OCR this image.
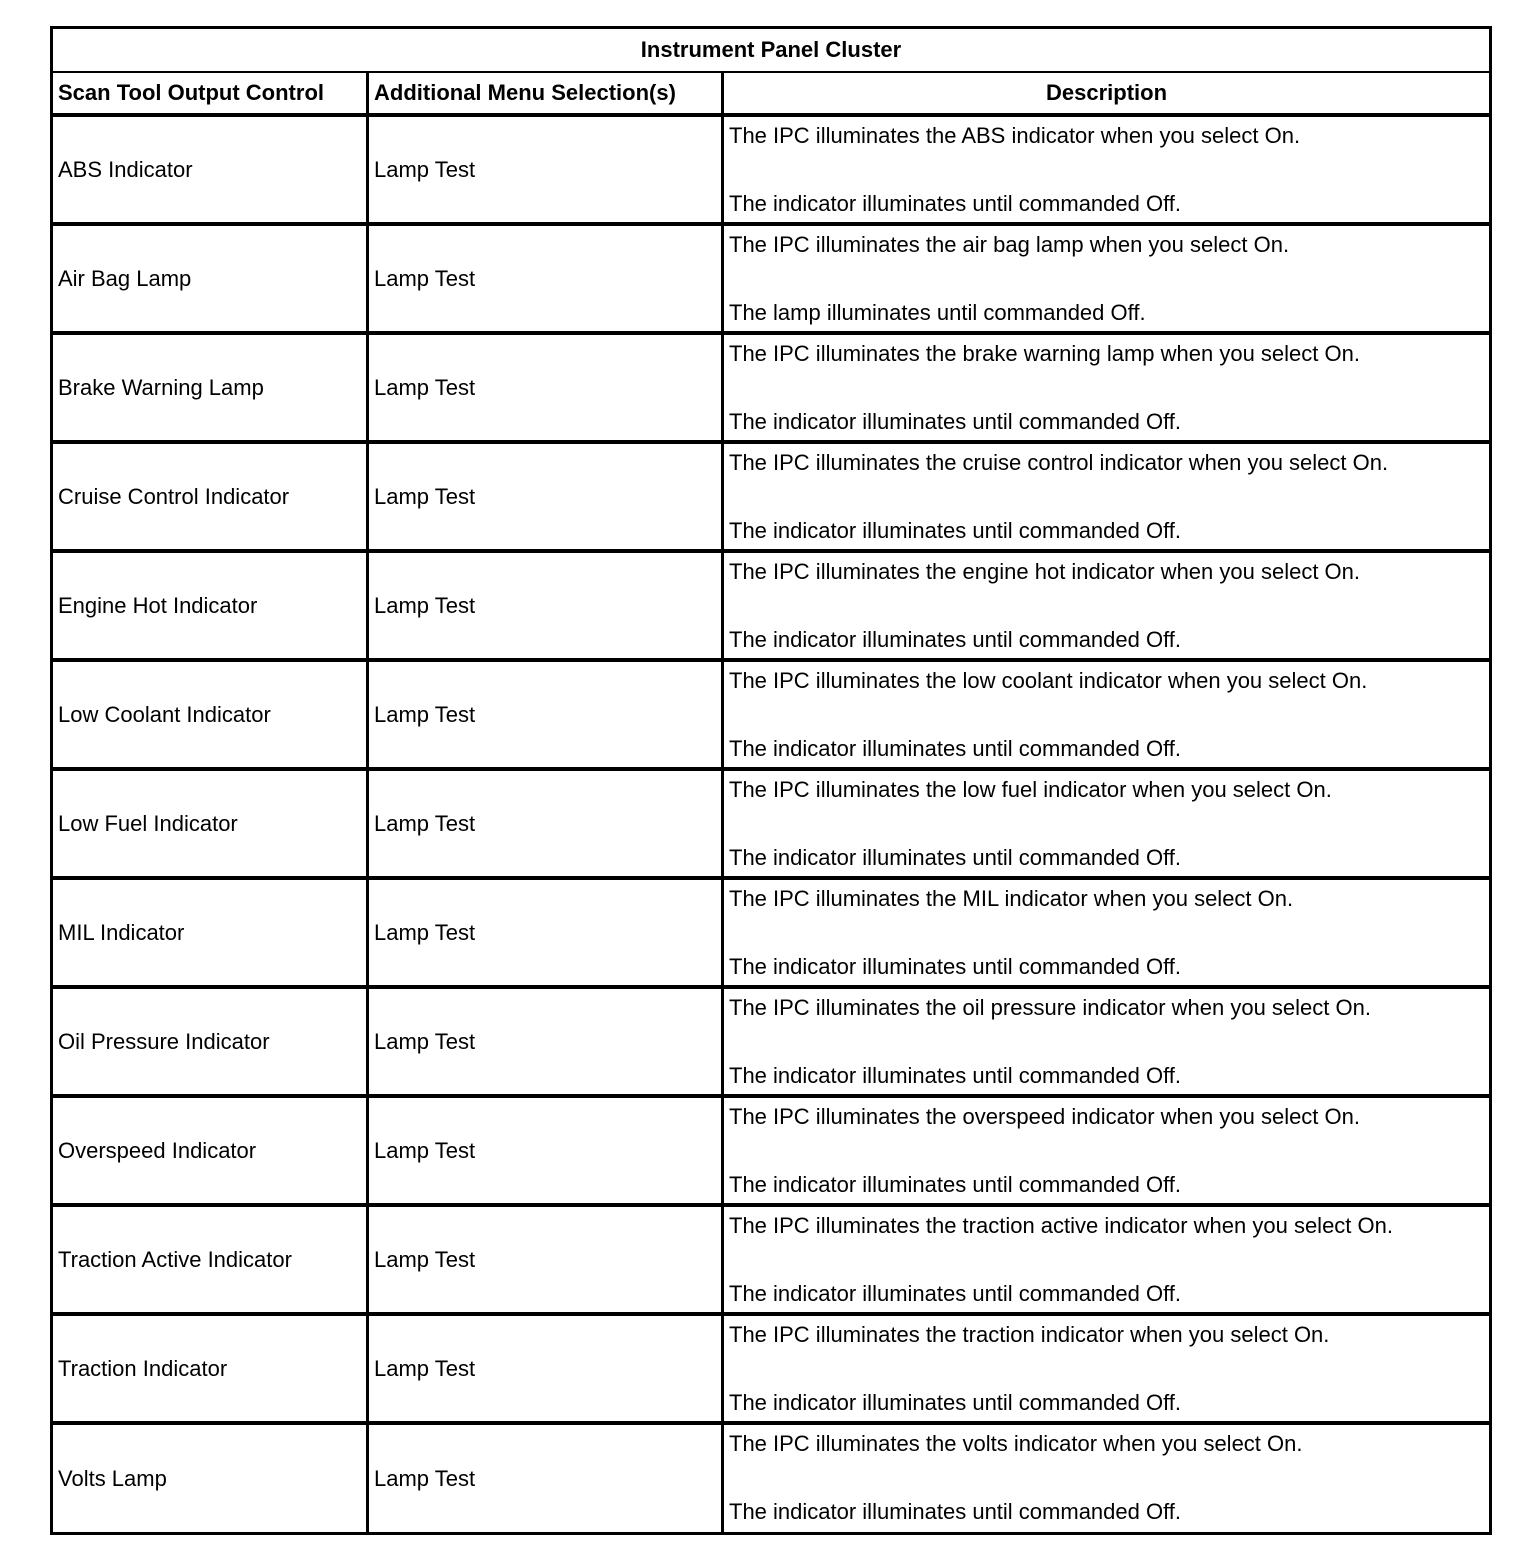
Instrument Panel Cluster
Scan Tool Output Control	Additional Menu Selection(s)	Description
ABS Indicator	Lamp Test
The IPC illuminates the ABS indicator when you select On.
The indicator illuminates until commanded Off.
Air Bag Lamp	Lamp Test
The IPC illuminates the air bag lamp when you select On.
The lamp illuminates until commanded Off.
Brake Warning Lamp	Lamp Test
The IPC illuminates the brake warning lamp when you select On.
The indicator illuminates until commanded Off.
Cruise Control Indicator	Lamp Test
The IPC illuminates the cruise control indicator when you select On.
The indicator illuminates until commanded Off.
Engine Hot Indicator	Lamp Test
The IPC illuminates the engine hot indicator when you select On.
The indicator illuminates until commanded Off.
Low Coolant Indicator	Lamp Test
The IPC illuminates the low coolant indicator when you select On.
The indicator illuminates until commanded Off.
Low Fuel Indicator	Lamp Test
The IPC illuminates the low fuel indicator when you select On.
The indicator illuminates until commanded Off.
MIL Indicator	Lamp Test
The IPC illuminates the MIL indicator when you select On.
The indicator illuminates until commanded Off.
Oil Pressure Indicator	Lamp Test
The IPC illuminates the oil pressure indicator when you select On.
The indicator illuminates until commanded Off.
Overspeed Indicator	Lamp Test
The IPC illuminates the overspeed indicator when you select On.
The indicator illuminates until commanded Off.
Traction Active Indicator	Lamp Test
The IPC illuminates the traction active indicator when you select On.
The indicator illuminates until commanded Off.
Traction Indicator	Lamp Test
The IPC illuminates the traction indicator when you select On.
The indicator illuminates until commanded Off.
Volts Lamp	Lamp Test
The IPC illuminates the volts indicator when you select On.
The indicator illuminates until commanded Off.
